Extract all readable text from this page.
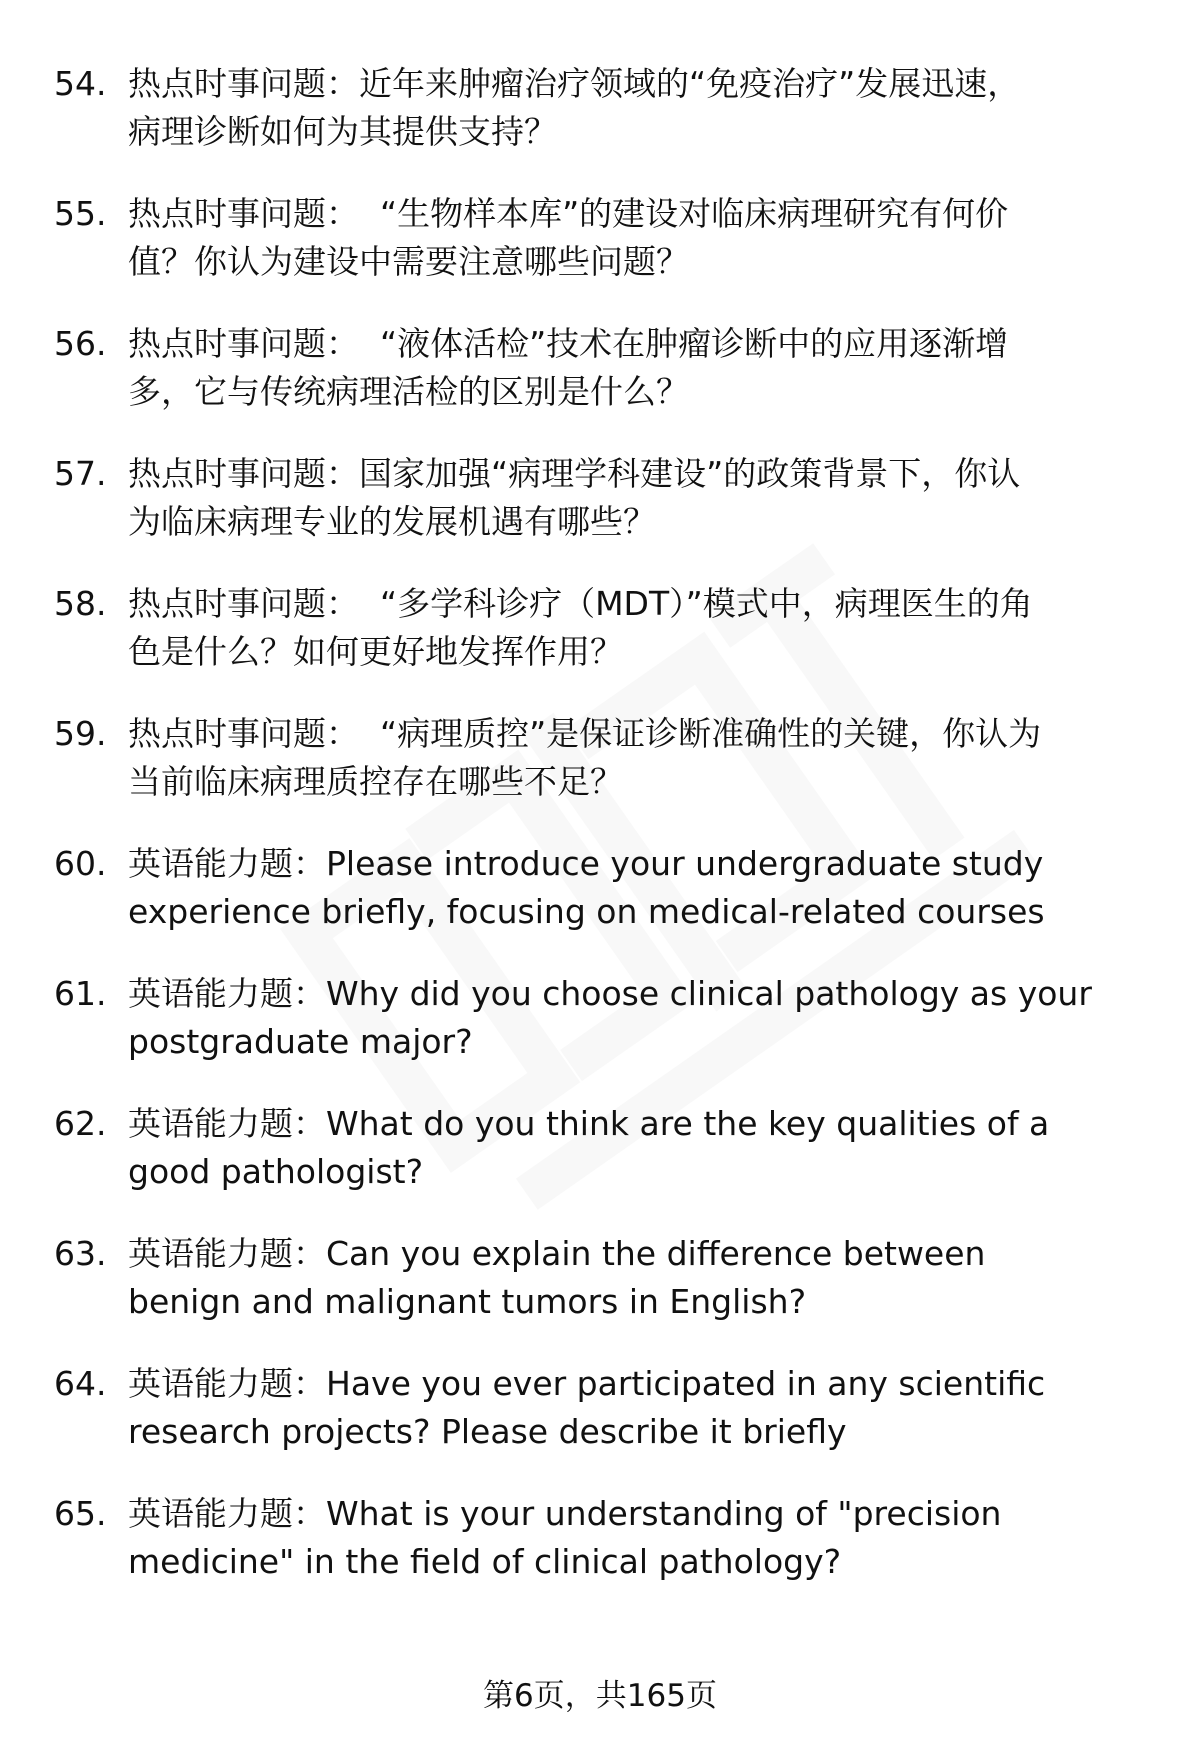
54. 热点时事问题：近年来肿瘤治疗领域的“免疫治疗”发展迅速，
病理诊断如何为其提供支持？
55. 热点时事问题：  “生物样本库”的建设对临床病理研究有何价
值？你认为建设中需要注意哪些问题？
56. 热点时事问题：  “液体活检”技术在肿瘤诊断中的应用逐渐增
多，它与传统病理活检的区别是什么？
57. 热点时事问题：国家加强“病理学科建设”的政策背景下，你认
为临床病理专业的发展机遇有哪些？
58. 热点时事问题：  “多学科诊疗（MDT）”模式中，病理医生的角
色是什么？如何更好地发挥作用？
59. 热点时事问题：  “病理质控”是保证诊断准确性的关键，你认为
当前临床病理质控存在哪些不足？
60. 英语能力题：Please introduce your undergraduate study
experience briefly, focusing on medical-related courses
61. 英语能力题：Why did you choose clinical pathology as your
postgraduate major?
62. 英语能力题：What do you think are the key qualities of a
good pathologist?
63. 英语能力题：Can you explain the difference between
benign and malignant tumors in English?
64. 英语能力题：Have you ever participated in any scientific
research projects? Please describe it briefly
65. 英语能力题：What is your understanding of "precision
medicine" in the field of clinical pathology?
第6页，共165页
